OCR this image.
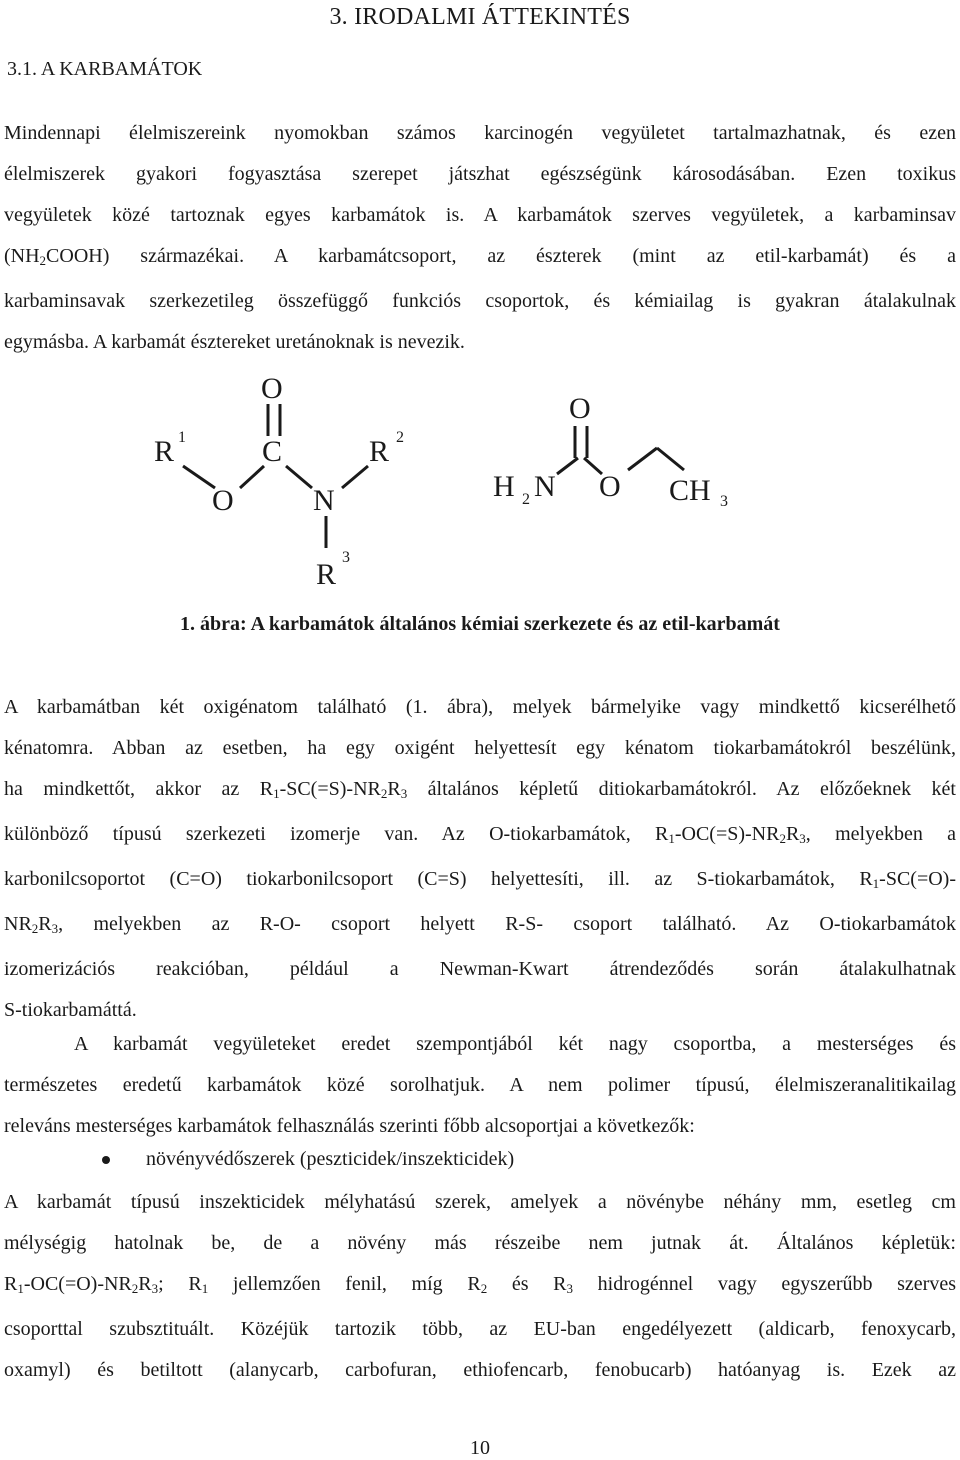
3. IRODALMI ÁTTEKINTÉS
3.1. A KARBAMÁTOK
Mindennapi élelmiszereink nyomokban számos karcinogén vegyületet tartalmazhatnak, és ezen
élelmiszerek gyakori fogyasztása szerepet játszhat egészségünk károsodásában. Ezen toxikus
vegyületek közé tartoznak egyes karbamátok is. A karbamátok szerves vegyületek, a karbaminsav
$(NH_2COOH)$ származékai. A karbamátcsoport, az észterek (mint az etil-karbamát) és a
karbaminsavak szerkezetileg összefüggő funkciós csoportok, és kémiailag is gyakran átalakulnak
egymásba. A karbamát észtereket uretánoknak is nevezik.
O
C
R 1
O	N
R 2
R
3
O
H 2 N O CH 3
1. ábra: A karbamátok általános kémiai szerkezete és az etil-karbamát
A karbamátban két oxigénatom található (1. ábra), melyek bármelyike vagy mindkettő kicserélhető
kénatomra. Abban az esetben, ha egy oxigént helyettesít egy kénatom tiokarbamátokról beszélünk,
ha mindkettőt, akkor az $R_1-SC(=S)-NR_2R_3$ általános képletű ditiokarbamátokról. Az előzőeknek két
különböző típusú szerkezeti izomerje van. Az O-tiokarbamátok, $R_1-OC(=S)-NR_2R_3$, melyekben a
karbonilcsoportot (C=O) tiokarbonilcsoport (C=S) helyettesíti, ill. az S-tiokarbamátok, $R_1-SC(=O)-$
$NR_2R_3$, melyekben az R-O- csoport helyett R-S- csoport található. Az O-tiokarbamátok
izomerizációs reakcióban, például a Newman-Kwart átrendeződés során átalakulhatnak
S-tiokarbamáttá.
A karbamát vegyületeket eredet szempontjából két nagy csoportba, a mesterséges és
természetes eredetű karbamátok közé sorolhatjuk. A nem polimer típusú, élelmiszeranalitikailag
releváns mesterséges karbamátok felhasználás szerinti főbb alcsoportjai a következők:
növényvédőszerek (peszticidek/inszekticidek)
A karbamát típusú inszekticidek mélyhatású szerek, amelyek a növénybe néhány mm, esetleg cm
mélységig hatolnak be, de a növény más részeibe nem jutnak át. Általános képletük:
$R_1-OC(=O)-NR_2R_3$; $R_1$ jellemzően fenil, míg $R_2$ és $R_3$ hidrogénnel vagy egyszerűbb szerves
csoporttal szubsztituált. Közéjük tartozik több, az EU-ban engedélyezett (aldicarb, fenoxycarb,
oxamyl) és betiltott (alanycarb, carbofuran, ethiofencarb, fenobucarb) hatóanyag is. Ezek az
10
